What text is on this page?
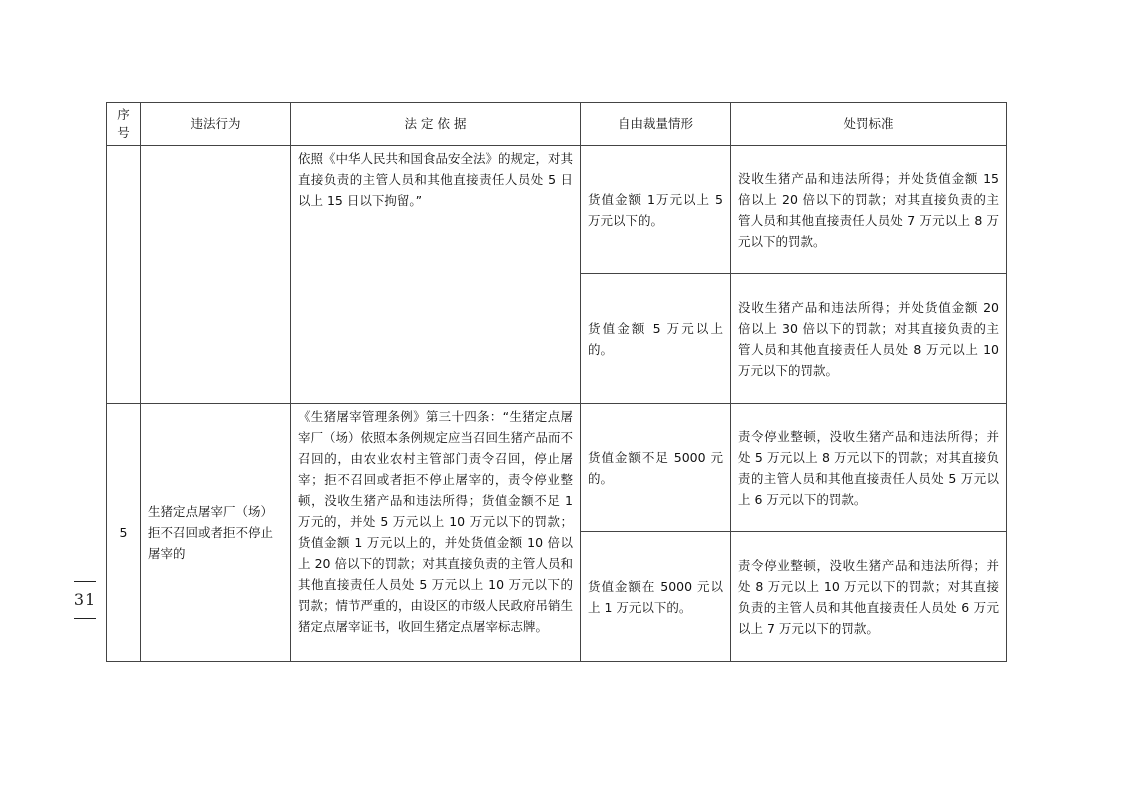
序
号	违法行为	法 定 依 据	自由裁量情形	处罚标准
		依照《中华人民共和国食品安全法》的规定，对其直接负责的主管人员和其他直接责任人员处 5 日以上 15 日以下拘留。”	货值金额 1万元以上 5 万元以下的。	没收生猪产品和违法所得；并处货值金额 15 倍以上 20 倍以下的罚款；对其直接负责的主管人员和其他直接责任人员处 7 万元以上 8 万元以下的罚款。
			货值金额 5 万元以上的。	没收生猪产品和违法所得；并处货值金额 20 倍以上 30 倍以下的罚款；对其直接负责的主管人员和其他直接责任人员处 8 万元以上 10 万元以下的罚款。
5	生猪定点屠宰厂（场）拒不召回或者拒不停止屠宰的	《生猪屠宰管理条例》第三十四条：“生猪定点屠宰厂（场）依照本条例规定应当召回生猪产品而不召回的，由农业农村主管部门责令召回，停止屠宰；拒不召回或者拒不停止屠宰的，责令停业整顿，没收生猪产品和违法所得；货值金额不足 1 万元的，并处 5 万元以上 10 万元以下的罚款；货值金额 1 万元以上的，并处货值金额 10 倍以上 20 倍以下的罚款；对其直接负责的主管人员和其他直接责任人员处 5 万元以上 10 万元以下的罚款；情节严重的，由设区的市级人民政府吊销生猪定点屠宰证书，收回生猪定点屠宰标志牌。	货值金额不足 5000 元的。	责令停业整顿，没收生猪产品和违法所得；并处 5 万元以上 8 万元以下的罚款；对其直接负责的主管人员和其他直接责任人员处 5 万元以上 6 万元以下的罚款。
			货值金额在 5000 元以上 1 万元以下的。	责令停业整顿，没收生猪产品和违法所得；并处 8 万元以上 10 万元以下的罚款；对其直接负责的主管人员和其他直接责任人员处 6 万元以上 7 万元以下的罚款。
31
